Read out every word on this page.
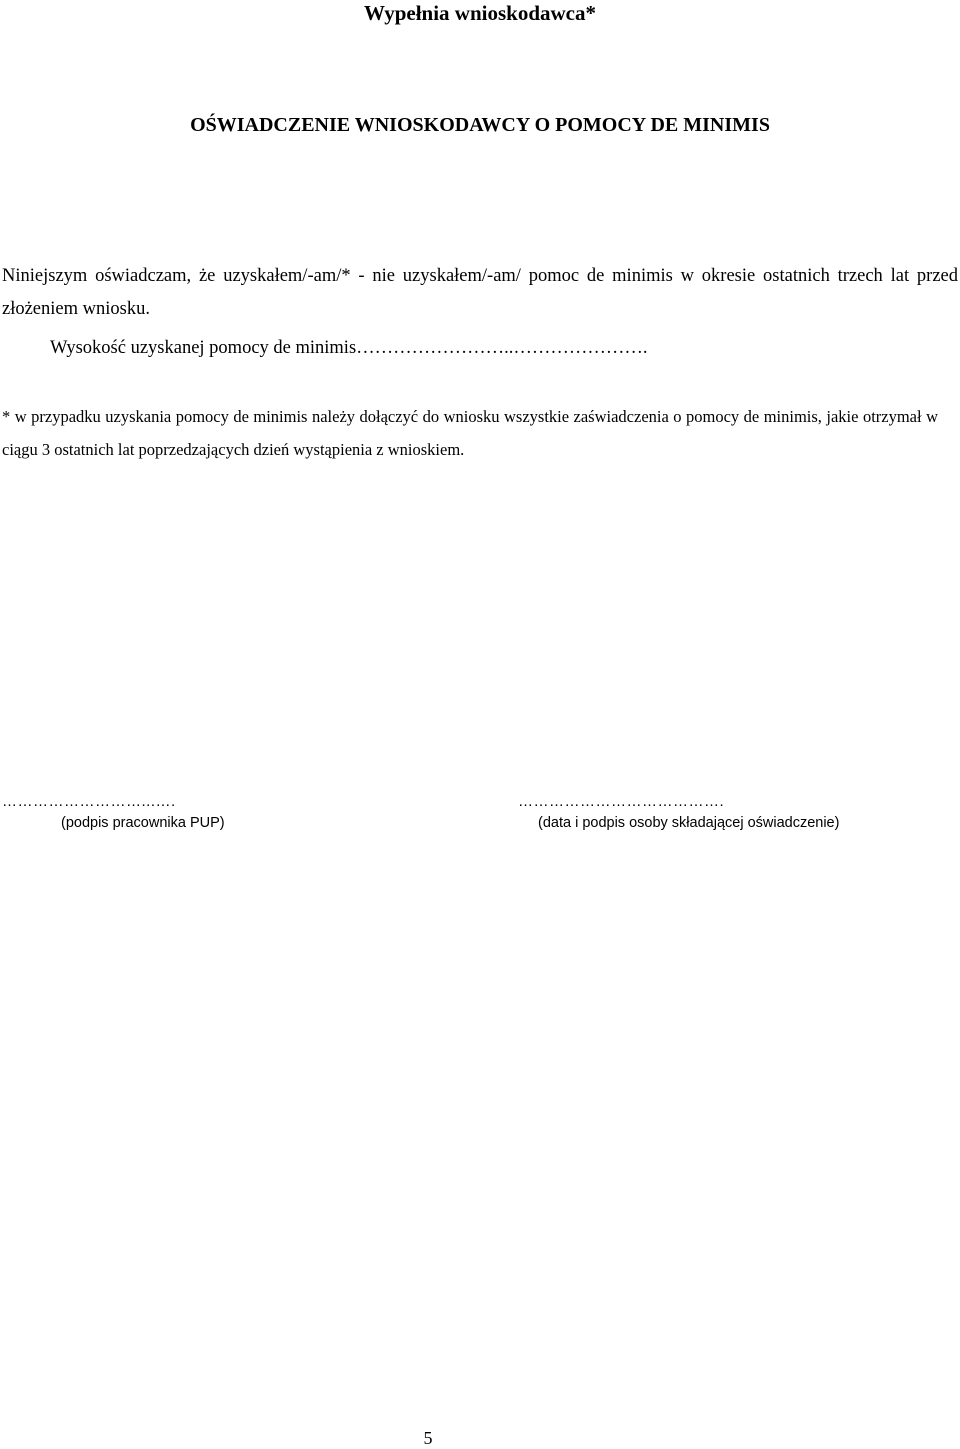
Wypełnia wnioskodawca*

OŚWIADCZENIE WNIOSKODAWCY O POMOCY DE MINIMIS

Niniejszym oświadczam, że uzyskałem/-am/* - nie uzyskałem/-am/ pomoc de minimis w okresie ostatnich trzech lat przed złożeniem wniosku.

Wysokość uzyskanej pomocy de minimis……………………..………………….

* w przypadku uzyskania pomocy de minimis należy dołączyć do wniosku wszystkie zaświadczenia o pomocy de minimis, jakie otrzymał w ciągu 3 ostatnich lat poprzedzających dzień wystąpienia z wnioskiem.

………………………...….
(podpis pracownika PUP)
………………………………….
(data i podpis osoby składającej oświadczenie)
5
